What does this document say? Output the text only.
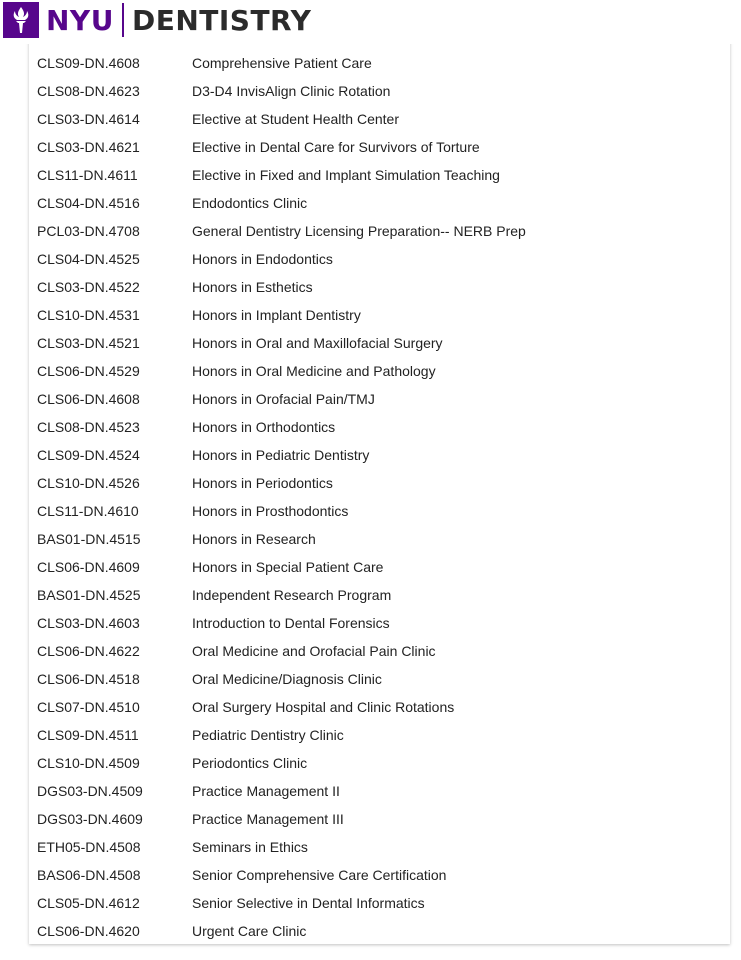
NYU DENTISTRY
CLS09-DN.4608	Comprehensive Patient Care
CLS08-DN.4623	D3-D4 InvisAlign Clinic Rotation
CLS03-DN.4614	Elective at Student Health Center
CLS03-DN.4621	Elective in Dental Care for Survivors of Torture
CLS11-DN.4611	Elective in Fixed and Implant Simulation Teaching
CLS04-DN.4516	Endodontics Clinic
PCL03-DN.4708	General Dentistry Licensing Preparation-- NERB Prep
CLS04-DN.4525	Honors in Endodontics
CLS03-DN.4522	Honors in Esthetics
CLS10-DN.4531	Honors in Implant Dentistry
CLS03-DN.4521	Honors in Oral and Maxillofacial Surgery
CLS06-DN.4529	Honors in Oral Medicine and Pathology
CLS06-DN.4608	Honors in Orofacial Pain/TMJ
CLS08-DN.4523	Honors in Orthodontics
CLS09-DN.4524	Honors in Pediatric Dentistry
CLS10-DN.4526	Honors in Periodontics
CLS11-DN.4610	Honors in Prosthodontics
BAS01-DN.4515	Honors in Research
CLS06-DN.4609	Honors in Special Patient Care
BAS01-DN.4525	Independent Research Program
CLS03-DN.4603	Introduction to Dental Forensics
CLS06-DN.4622	Oral Medicine and Orofacial Pain Clinic
CLS06-DN.4518	Oral Medicine/Diagnosis Clinic
CLS07-DN.4510	Oral Surgery Hospital and Clinic Rotations
CLS09-DN.4511	Pediatric Dentistry Clinic
CLS10-DN.4509	Periodontics Clinic
DGS03-DN.4509	Practice Management II
DGS03-DN.4609	Practice Management III
ETH05-DN.4508	Seminars in Ethics
BAS06-DN.4508	Senior Comprehensive Care Certification
CLS05-DN.4612	Senior Selective in Dental Informatics
CLS06-DN.4620	Urgent Care Clinic
